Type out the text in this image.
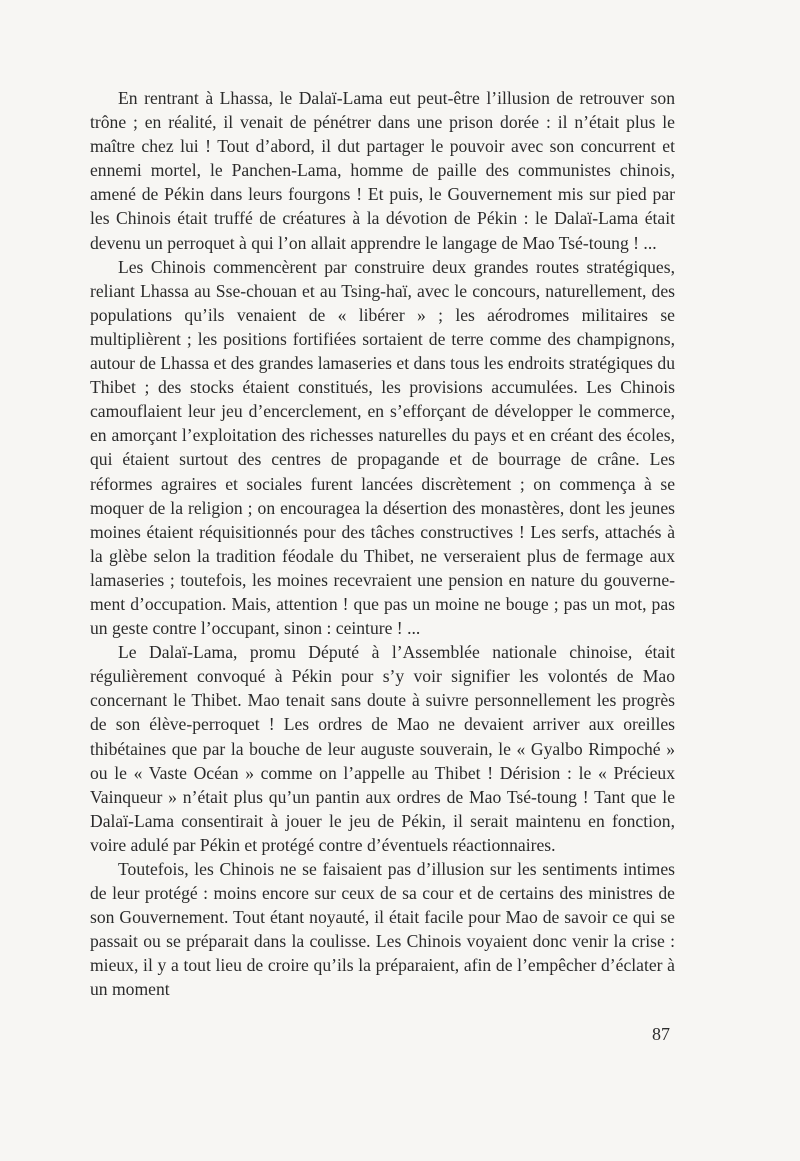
En rentrant à Lhassa, le Dalaï-Lama eut peut-être l’illusion de retrouver son trône ; en réalité, il venait de pénétrer dans une prison dorée : il n’était plus le maître chez lui ! Tout d’abord, il dut partager le pouvoir avec son concurrent et ennemi mortel, le Panchen-Lama, homme de paille des communistes chinois, amené de Pékin dans leurs fourgons ! Et puis, le Gouvernement mis sur pied par les Chinois était truffé de créatures à la dévotion de Pékin : le Dalaï-Lama était devenu un perroquet à qui l’on allait apprendre le langage de Mao Tsé-toung ! ...

Les Chinois commencèrent par construire deux grandes routes stratégiques, reliant Lhassa au Sse-chouan et au Tsing-haï, avec le concours, naturellement, des populations qu’ils venaient de « libérer » ; les aérodromes militaires se multiplièrent ; les positions fortifiées sortaient de terre comme des champignons, autour de Lhassa et des grandes lamaseries et dans tous les endroits stratégiques du Thibet ; des stocks étaient constitués, les provisions accumulées. Les Chinois camouflaient leur jeu d’encerclement, en s’efforçant de développer le commerce, en amorçant l’exploitation des richesses naturelles du pays et en créant des écoles, qui étaient surtout des centres de propagande et de bourrage de crâne. Les réformes agraires et sociales furent lancées discrètement ; on commença à se moquer de la religion ; on encouragea la désertion des monastères, dont les jeunes moines étaient réquisitionnés pour des tâches constructives ! Les serfs, attachés à la glèbe selon la tradition féodale du Thibet, ne verseraient plus de fermage aux lamaseries ; toutefois, les moines recevraient une pension en nature du gouvernement d’occupation. Mais, attention ! que pas un moine ne bouge ; pas un mot, pas un geste contre l’occupant, sinon : ceinture ! ...

Le Dalaï-Lama, promu Député à l’Assemblée nationale chinoise, était régulièrement convoqué à Pékin pour s’y voir signifier les volontés de Mao concernant le Thibet. Mao tenait sans doute à suivre personnellement les progrès de son élève-perroquet ! Les ordres de Mao ne devaient arriver aux oreilles thibétaines que par la bouche de leur auguste souverain, le « Gyalbo Rimpoché » ou le « Vaste Océan » comme on l’appelle au Thibet ! Dérision : le « Précieux Vainqueur » n’était plus qu’un pantin aux ordres de Mao Tsé-toung ! Tant que le Dalaï-Lama consentirait à jouer le jeu de Pékin, il serait maintenu en fonction, voire adulé par Pékin et protégé contre d’éventuels réactionnaires.

Toutefois, les Chinois ne se faisaient pas d’illusion sur les sentiments intimes de leur protégé : moins encore sur ceux de sa cour et de certains des ministres de son Gouvernement. Tout étant noyauté, il était facile pour Mao de savoir ce qui se passait ou se préparait dans la coulisse. Les Chinois voyaient donc venir la crise : mieux, il y a tout lieu de croire qu’ils la préparaient, afin de l’empêcher d’éclater à un moment

87
